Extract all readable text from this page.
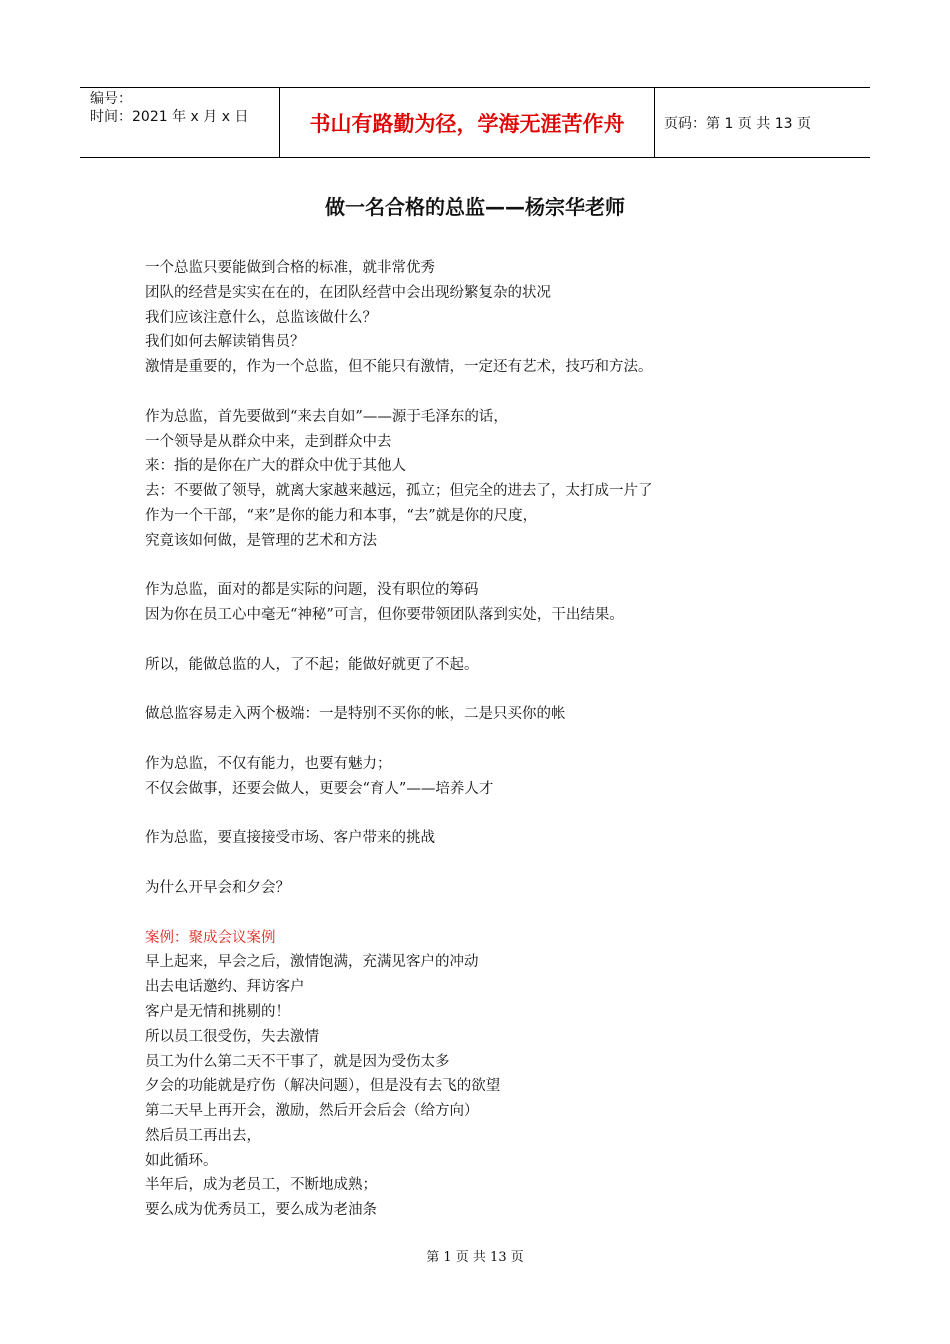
编号：
时间：2021 年 x 月 x 日	书山有路勤为径，学海无涯苦作舟	页码：第 1 页 共 13 页
做一名合格的总监——杨宗华老师
一个总监只要能做到合格的标准，就非常优秀
团队的经营是实实在在的，在团队经营中会出现纷繁复杂的状况
我们应该注意什么，总监该做什么？
我们如何去解读销售员？
激情是重要的，作为一个总监，但不能只有激情，一定还有艺术，技巧和方法。
作为总监，首先要做到“来去自如”——源于毛泽东的话，
一个领导是从群众中来，走到群众中去
来：指的是你在广大的群众中优于其他人
去：不要做了领导，就离大家越来越远，孤立；但完全的进去了，太打成一片了
作为一个干部，“来”是你的能力和本事，“去”就是你的尺度，
究竟该如何做，是管理的艺术和方法
作为总监，面对的都是实际的问题，没有职位的筹码
因为你在员工心中毫无“神秘”可言，但你要带领团队落到实处，干出结果。
所以，能做总监的人，了不起；能做好就更了不起。
做总监容易走入两个极端：一是特别不买你的帐，二是只买你的帐
作为总监，不仅有能力，也要有魅力；
不仅会做事，还要会做人，更要会“育人”——培养人才
作为总监，要直接接受市场、客户带来的挑战
为什么开早会和夕会？
案例：聚成会议案例
早上起来，早会之后，激情饱满，充满见客户的冲动
出去电话邀约、拜访客户
客户是无情和挑剔的！
所以员工很受伤，失去激情
员工为什么第二天不干事了，就是因为受伤太多
夕会的功能就是疗伤（解决问题），但是没有去飞的欲望
第二天早上再开会，激励，然后开会后会（给方向）
然后员工再出去，
如此循环。
半年后，成为老员工，不断地成熟；
要么成为优秀员工，要么成为老油条
第 1 页 共 13 页
